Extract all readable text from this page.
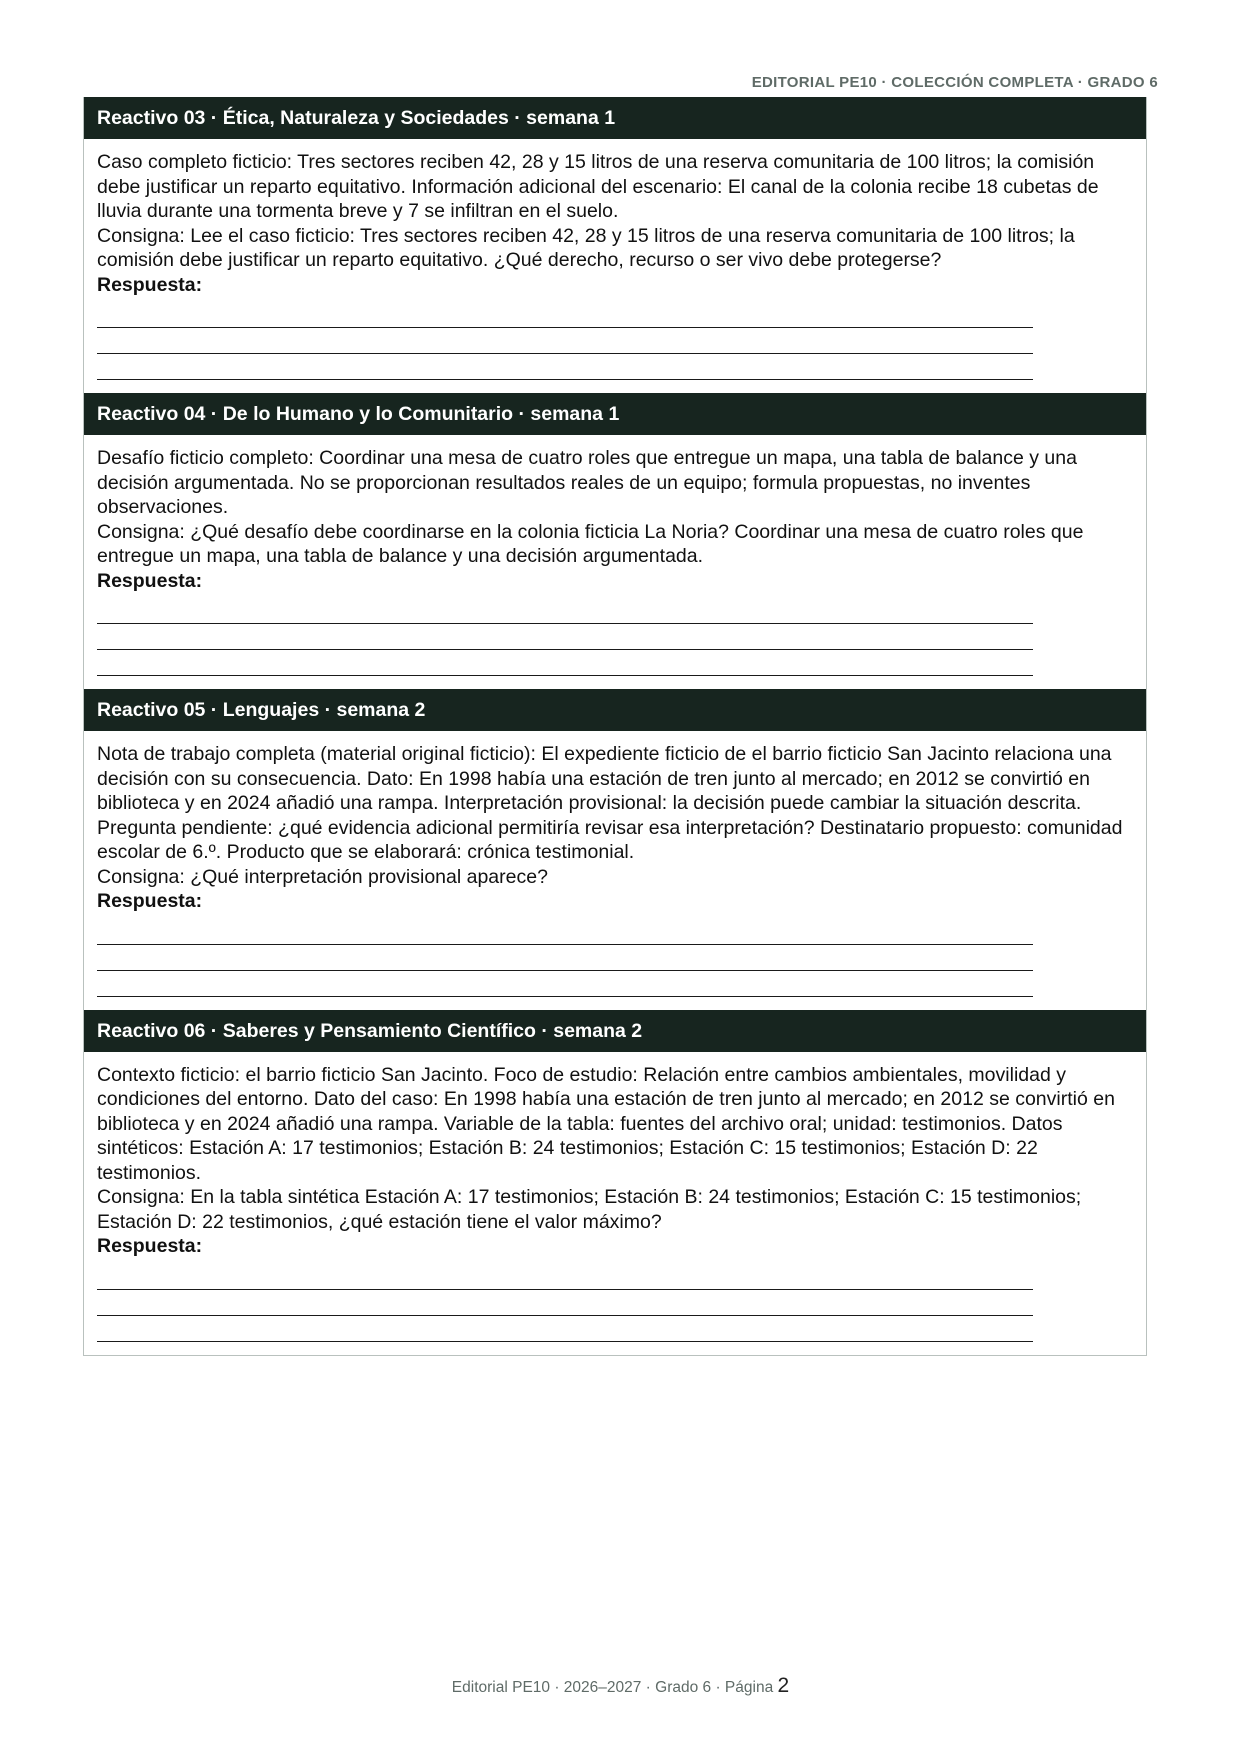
EDITORIAL PE10 · COLECCIÓN COMPLETA · GRADO 6
Reactivo 03 · Ética, Naturaleza y Sociedades · semana 1

Caso completo ficticio: Tres sectores reciben 42, 28 y 15 litros de una reserva comunitaria de 100 litros; la comisión debe justificar un reparto equitativo. Información adicional del escenario: El canal de la colonia recibe 18 cubetas de lluvia durante una tormenta breve y 7 se infiltran en el suelo.

Consigna: Lee el caso ficticio: Tres sectores reciben 42, 28 y 15 litros de una reserva comunitaria de 100 litros; la comisión debe justificar un reparto equitativo. ¿Qué derecho, recurso o ser vivo debe protegerse?

Respuesta:

Reactivo 04 · De lo Humano y lo Comunitario · semana 1

Desafío ficticio completo: Coordinar una mesa de cuatro roles que entregue un mapa, una tabla de balance y una decisión argumentada. No se proporcionan resultados reales de un equipo; formula propuestas, no inventes observaciones.

Consigna: ¿Qué desafío debe coordinarse en la colonia ficticia La Noria? Coordinar una mesa de cuatro roles que entregue un mapa, una tabla de balance y una decisión argumentada.

Respuesta:

Reactivo 05 · Lenguajes · semana 2

Nota de trabajo completa (material original ficticio): El expediente ficticio de el barrio ficticio San Jacinto relaciona una decisión con su consecuencia. Dato: En 1998 había una estación de tren junto al mercado; en 2012 se convirtió en biblioteca y en 2024 añadió una rampa. Interpretación provisional: la decisión puede cambiar la situación descrita. Pregunta pendiente: ¿qué evidencia adicional permitiría revisar esa interpretación? Destinatario propuesto: comunidad escolar de 6.º. Producto que se elaborará: crónica testimonial.

Consigna: ¿Qué interpretación provisional aparece?

Respuesta:

Reactivo 06 · Saberes y Pensamiento Científico · semana 2

Contexto ficticio: el barrio ficticio San Jacinto. Foco de estudio: Relación entre cambios ambientales, movilidad y condiciones del entorno. Dato del caso: En 1998 había una estación de tren junto al mercado; en 2012 se convirtió en biblioteca y en 2024 añadió una rampa. Variable de la tabla: fuentes del archivo oral; unidad: testimonios. Datos sintéticos: Estación A: 17 testimonios; Estación B: 24 testimonios; Estación C: 15 testimonios; Estación D: 22 testimonios.

Consigna: En la tabla sintética Estación A: 17 testimonios; Estación B: 24 testimonios; Estación C: 15 testimonios; Estación D: 22 testimonios, ¿qué estación tiene el valor máximo?

Respuesta:

Editorial PE10 · 2026–2027 · Grado 6 · Página 2
